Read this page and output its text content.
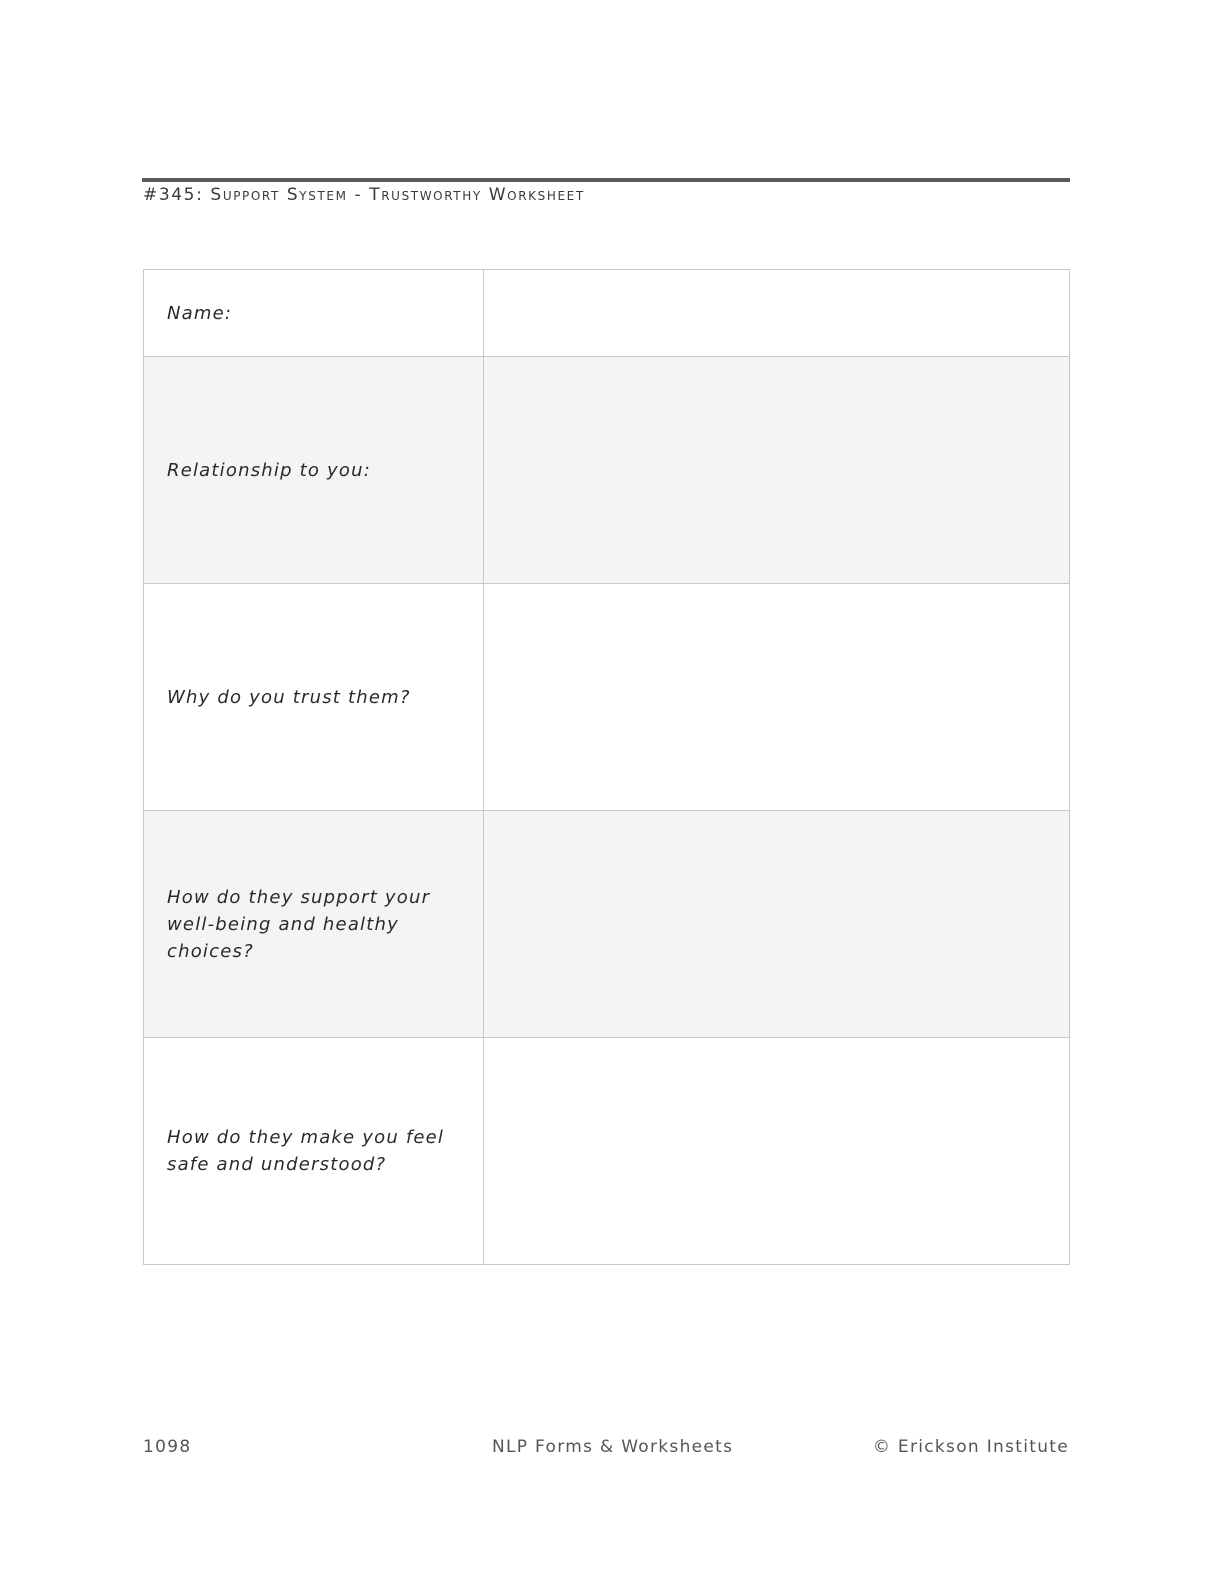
#345: Support System - Trustworthy Worksheet
Name:	
Relationship to you:	
Why do you trust them?	
How do they support your well-being and healthy choices?	
How do they make you feel safe and understood?	
1098	NLP Forms & Worksheets	© Erickson Institute
